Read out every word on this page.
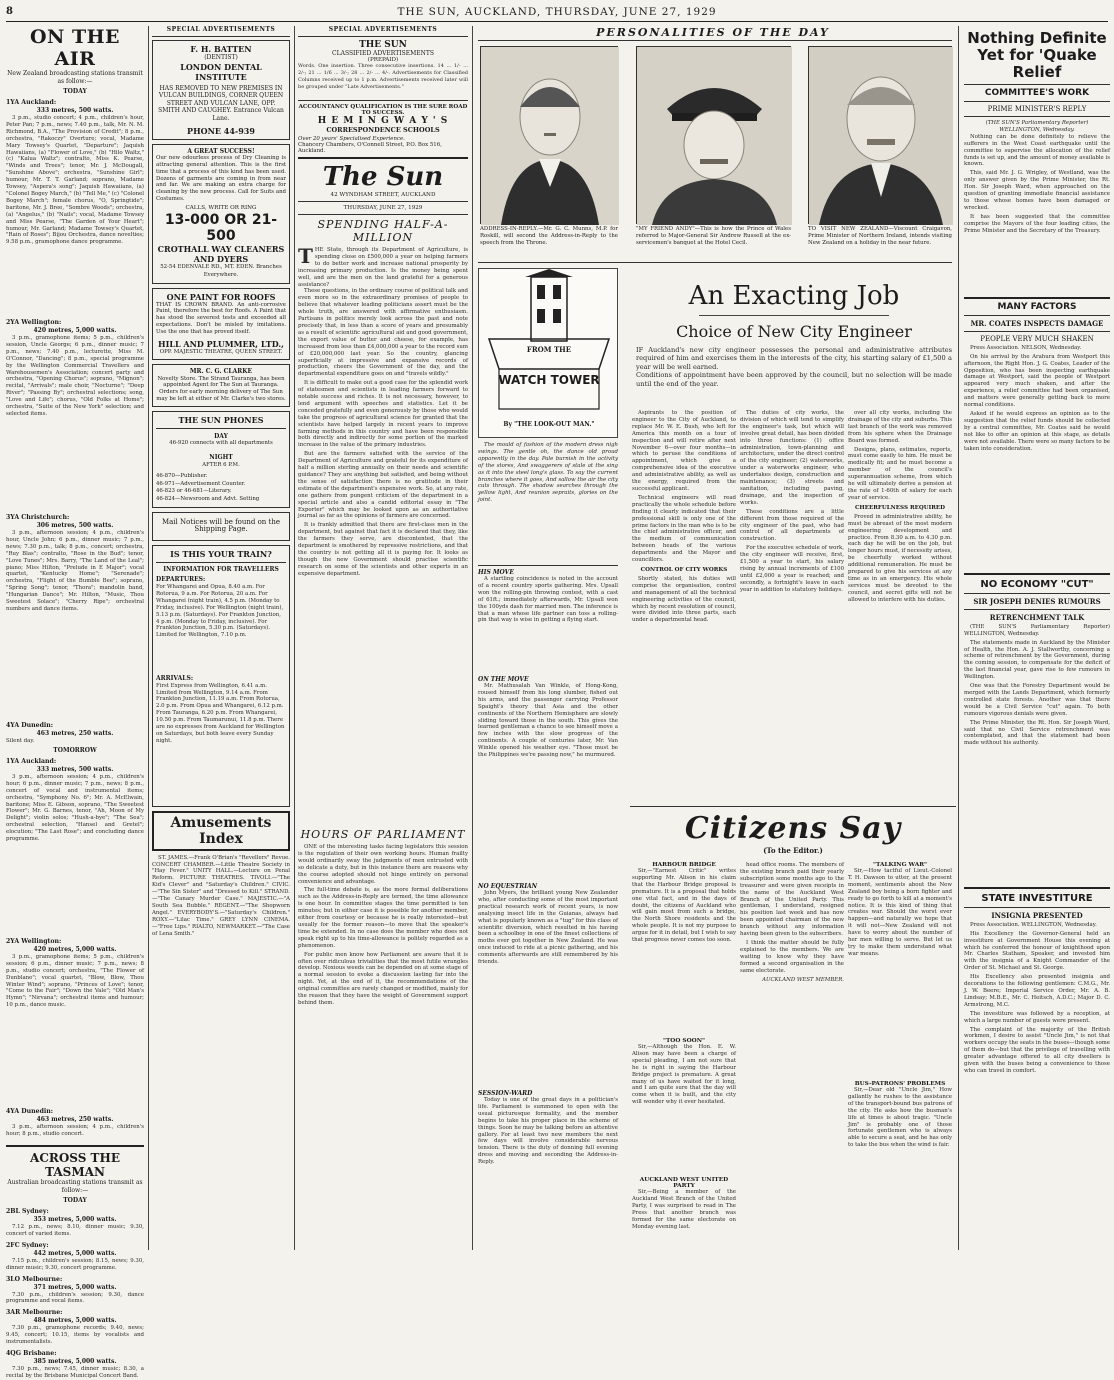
8	THE SUN, AUCKLAND, THURSDAY, JUNE 27, 1929
ON THE AIR
New Zealand broadcasting stations transmit as follow:—
TODAY
1YA Auckland:
333 metres, 500 watts.

3 p.m., studio concert; 4 p.m., children's hour, Peter Pan; 7 p.m., news; 7.40 p.m., talk, Mr. N. M. Richmond, B.A., "The Provision of Credit"; 8 p.m., orchestra, "Rakoczy" Overture; vocal, Madame Mary Towsey's Quartet, "Departure"; Jaquish Hawaiians, (a) "Flower of Love," (b) "Hilo Waltz," (c) "Kalua Waltz"; contralto, Miss K. Pearse, "Winds and Trees"; tenor, Mr. J. McDougall, "Sunshine Above"; orchestra, "Sunshine Girl"; humour, Mr. T. T. Garland; soprano, Madame Towsey, "Aspera's song"; Jaquish Hawaiians, (a) "Colonel Bogey March," (b) "Tell Me," (c) "Colonel Bogey March"; female chorus, "O, Springtide"; baritone, Mr. J. Bree, "Sombre Woods"; orchestra, (a) "Angelus," (b) "Nails"; vocal, Madame Towsey and Miss Pearse, "The Garden of Your Heart"; humour, Mr. Garland; Madame Towsey's Quartet, "Rain of Roses"; Bijou Orchestra, dance novelties; 9.58 p.m., gramophone dance programme.

2YA Wellington:
420 metres, 5,000 watts.

3 p.m., gramophone items; 5 p.m., children's session, Uncle George; 6 p.m., dinner music; 7 p.m., news; 7.40 p.m., lecturette, Miss M. O'Connor, "Dancing"; 8 p.m., special programme by the Wellington Commercial Travellers and Warehousemen's Association; concert party and orchestra, "Opening Chorus"; soprano, "Mignon"; recital, "Arrivals"; male choir, "Nocturne"; "Deep River"; "Passing By"; orchestral selections; song, "Love and Life"; chorus, "Old Folks at Home"; orchestra, "Suite of the New York" selection; and selected items.

3YA Christchurch:
306 metres, 500 watts.

3 p.m., afternoon session; 4 p.m., children's hour, Uncle John; 6 p.m., dinner music; 7 p.m., news; 7.30 p.m., talk; 8 p.m., concert; orchestra, "Ruy Blas"; contralto, "Rose in the Bud"; tenor, "Love Tunes"; Mrs. Barry, "The Land of the Leal"; piano; Miss Hilton, "Prelude in E Major"; vocal quartet, "Kentucky Home"; "Serenade"; orchestra, "Flight of the Bumble Bee"; soprano, "Spring Song"; tenor, "Thora"; mandolin band, "Hungarian Dance"; Mr. Hilton, "Music, Thou Sweetest Solace"; "Cherry Ripe"; orchestral numbers and dance items.

4YA Dunedin:
463 metres, 250 watts.
Silent day.
TOMORROW
1YA Auckland:
333 metres, 500 watts.

3 p.m., afternoon session; 4 p.m., children's hour; 6 p.m., dinner music; 7 p.m., news; 8 p.m., concert of vocal and instrumental items; orchestra, "Symphony No. 6"; Mr. A. McElwain, baritone; Miss E. Gibson, soprano, "The Sweetest Flower"; Mr. G. Barnes, tenor, "Ah, Moon of My Delight"; violin solos; "Hush-a-bye"; "The Sea"; orchestral selection, "Hansel and Gretel"; elocution; "The Last Rose"; and concluding dance programme.

2YA Wellington:
420 metres, 5,000 watts.

3 p.m., gramophone items; 5 p.m., children's session; 6 p.m., dinner music; 7 p.m., news; 8 p.m., studio concert; orchestra, "The Flower of Dunblane"; vocal quartet, "Blow, Blow, Thou Winter Wind"; soprano, "Princes of Love"; tenor, "Come to the Fair"; "Down the Vale"; "Old Man's Hymn"; "Nirvana"; orchestral items and humour; 10 p.m., dance music.

4YA Dunedin:
463 metres, 250 watts.

3 p.m., afternoon session; 4 p.m., children's hour; 8 p.m., studio concert.

ACROSS THE TASMAN
Australian broadcasting stations transmit as follow:—
TODAY
2BL Sydney:
353 metres, 5,000 watts.

7.12 p.m., news; 8.10, dinner music; 9.30, concert of varied items.

2FC Sydney:
442 metres, 5,000 watts.

7.15 p.m., children's session; 8.15, news; 9.30, dinner music; 9.30, concert programme.

3LO Melbourne:
371 metres, 5,000 watts.

7.30 p.m., children's session; 9.30, dance programme and vocal items.

3AR Melbourne:
484 metres, 5,000 watts.

7.30 p.m., gramophone records; 9.40, news; 9.45, concert; 10.15, items by vocalists and instrumentalists.

4QG Brisbane:
385 metres, 5,000 watts.

7.30 p.m., news; 7.45, dinner music; 8.30, a recital by the Brisbane Municipal Concert Band.

SPECIAL ADVERTISEMENTS
F. H. BATTEN
(DENTIST)
LONDON DENTAL INSTITUTE
HAS REMOVED TO NEW PREMISES IN VULCAN BUILDINGS, CORNER QUEEN STREET AND VULCAN LANE, OPP. SMITH AND CAUGHEY. Entrance Vulcan Lane.
PHONE 44-939
A GREAT SUCCESS!
Our new odourless process of Dry Cleaning is attracting general attention. This is the first time that a process of this kind has been used. Dozens of garments are coming in from near and far. We are making an extra charge for cleaning by the new process. Call for Suits and Costumes.
CALLS, WRITE OR RING
13-000 OR 21-500
CROTHALL WAY CLEANERS AND DYERS
52-54 EDENVALE RD., MT. EDEN. Branches Everywhere.
ONE PAINT FOR ROOFS
THAT IS CROWN BRAND. An anti-corrosive Paint, therefore the best for Roofs. A Paint that has stood the severest tests and exceeded all expectations. Don't be misled by imitations. Use the one that has proved itself.
HILL AND PLUMMER, LTD.,
OPP. MAJESTIC THEATRE, QUEEN STREET.
MR. C. G. CLARKE
Novelty Store. The Strand Tauranga, has been appointed Agent for The Sun at Tauranga. Orders for early morning delivery of The Sun may be left at either of Mr. Clarke's two stores.
THE SUN PHONES
DAY
46-920 connects with all departments
NIGHT
AFTER 6 P.M.
46-870—Publisher.
46-971—Advertisement Counter.
46-823 or 46-681—Literary.
46-824—Newsroom and Advt. Setting
Mail Notices will be found on the Shipping Page.
IS THIS YOUR TRAIN?
INFORMATION FOR TRAVELLERS
DEPARTURES:
For Whangarei and Opua, 8.40 a.m. For Rotorua, 9 a.m. For Rotorua, 20 a.m. For Whangarei (night train), 4.5 p.m. (Monday to Friday, inclusive). For Wellington (night train), 5.13 p.m. (Saturdays). For Frankton Junction, 4 p.m. (Monday to Friday, inclusive). For Frankton Junction, 5.30 p.m. (Saturdays). Limited for Wellington, 7.10 p.m.
ARRIVALS:
First Express from Wellington, 6.41 a.m. Limited from Wellington, 9.14 a.m. From Frankton Junction, 11.19 a.m. From Rotorua, 2.0 p.m. From Opua and Whangarei, 6.12 p.m. From Tauranga, 6.20 p.m. From Whangarei, 10.50 p.m. From Taumarunui, 11.8 p.m. There are no expresses from Auckland for Wellington on Saturdays, but both leave every Sunday night.
Amusements Index

ST. JAMES.—Frank O'Brian's "Revellers" Revue. CONCERT CHAMBER.—Little Theatre Society in "Hay Fever." UNITY HALL.—Lecture on Penal Reform. PICTURE THEATRES. TIVOLI.—"The Kid's Clever" and "Saturday's Children." CIVIC.—"The Sin Sister" and "Dressed to Kill." STRAND.—"The Canary Murder Case." MAJESTIC.—"A South Sea Bubble." REGENT.—"The Shopworn Angel." EVERYBODY'S.—"Saturday's Children." ROXY.—"Lilac Time." GREY LYNN CINEMA.—"Free Lips." RIALTO, NEWMARKET.—"The Case of Lena Smith."

SPECIAL ADVERTISEMENTS
THE SUN
CLASSIFIED ADVERTISEMENTS
(PREPAID)
Words. One insertion. Three consecutive insertions. 14 ... 1/- ... 2/-; 21 ... 1/6 ... 3/-; 28 ... 2/- ... 4/-. Advertisements for Classified Columns received up to 1 p.m. Advertisements received later will be grouped under "Late Advertisements."
ACCOUNTANCY QUALIFICATION IS THE SURE ROAD TO SUCCESS.
H E M I N G W A Y ' S
CORRESPONDENCE SCHOOLS
Over 20 years' Specialised Experience.
Chancery Chambers, O'Connell Street, P.O. Box 516, Auckland.
The Sun
42 WYNDHAM STREET, AUCKLAND
THURSDAY, JUNE 27, 1929
SPENDING HALF-A-MILLION
THE State, through its Department of Agriculture, is spending close on £500,000 a year on helping farmers to do better work and increase national prosperity by increasing primary production. Is the money being spent well, and are the men on the land grateful for a generous assistance?

These questions, in the ordinary course of political talk and even more so in the extraordinary promises of people to believe that whatever leading politicians assert must be the whole truth, are answered with affirmative enthusiasm. Partisans in politics merely look across the past and note precisely that, in less than a score of years and presumably as a result of scientific agricultural aid and good government, the export value of butter and cheese, for example, has increased from less than £4,000,000 a year to the record sum of £20,000,000 last year. So the country, glancing superficially at impressive and expansive records of production, cheers the Government of the day, and the departmental expenditure goes on and "travels wildly."

It is difficult to make out a good case for the splendid work of statesmen and scientists in leading farmers forward to notable success and riches. It is not necessary, however, to lend argument with speeches and statistics. Let it be conceded gratefully and even generously by those who would take the progress of agricultural science for granted that the scientists have helped largely in recent years to improve farming methods in this country and have been responsible both directly and indirectly for some portion of the marked increase in the value of the primary industries.

But are the farmers satisfied with the service of the Department of Agriculture and grateful for its expenditure of half a million sterling annually on their needs and scientific guidance? They are anything but satisfied, and being without the sense of satisfaction there is no gratitude in their estimate of the department's expensive work. So, at any rate, one gathers from pungent criticism of the department in a special article and also a candid editorial essay in "The Exporter" which may be looked upon as an authoritative journal as far as the opinions of farmers are concerned.

It is frankly admitted that there are first-class men in the department, but against that fact it is declared that they, like the farmers they serve, are discontented, that the department is smothered by repressive restrictions, and that the country is not getting all it is paying for. It looks as though the new Government should practise scientific research on some of the scientists and other experts in an expensive department.

HOURS OF PARLIAMENT

ONE of the interesting tasks facing legislators this session is the regulation of their own working hours. Human frailty would ordinarily sway the judgments of men entrusted with so delicate a duty, but in this instance there are reasons why the course adopted should not hinge entirely on personal convenience and advantage.

The full-time debate is, as the more formal deliberations such as the Address-in-Reply are termed, the time allowance is one hour. In committee stages the time permitted is ten minutes; but in either case it is possible for another member, either from courtesy or because he is really interested—but usually for the former reason—to move that the speaker's time be extended. In no case does the member who does not speak right up to his time-allowance is politely regarded as a phenomenon.

For public men know how Parliament are aware that it is often over ridiculous trivialities that the most futile wrangles develop. Noxious weeds can be depended on at some stage of a normal session to evoke a discussion lasting far into the night. Yet, at the end of it, the recommendations of the original committee are rarely changed or modified, mainly for the reason that they have the weight of Government support behind them.

PERSONALITIES OF THE DAY
ADDRESS-IN-REPLY.—Mr. G. C. Munns, M.P. for Roskill, will second the Address-in-Reply to the speech from the Throne.
"MY FRIEND ANDY"—This is how the Prince of Wales referred to Major-General Sir Andrew Russell at the ex-servicemen's banquet at the Hotel Cecil.
TO VISIT NEW ZEALAND—Viscount Craigavon, Prime Minister of Northern Ireland, intends visiting New Zealand on a holiday in the near future.
FROM THE
WATCH TOWER
By "THE LOOK-OUT MAN."

The mould of fashion of the modern dress nigh swings. The gentle oh, the dance old proud apparently in the day. Pale burnish in the activity of the stores, And swaggerers of stale at the sing as it into the steel long's glass. To say the current branches where it goes, And sallow the air the city cuts through. The shadow searches through the yellow light, And reunion sepraits, glories on the joint.

HIS MOVE

A startling coincidence is noted in the account of a recent country sports gathering. Mrs. Upsall won the rolling-pin throwing contest, with a cast of 61ft.; immediately afterwards, Mr. Upsall won the 100yds dash for married men. The inference is that a man whose life partner can toss a rolling-pin that way is wise in getting a flying start.

ON THE MOVE

Mr. Mathusalah Van Winkle, of Hong-Kong, roused himself from his long slumber, fished out his arms, and the passenger carrying Professor Spaight's theory that Asia and the other continents of the Northern Hemisphere are slowly sliding toward those in the south. This gives the learned gentleman a chance to see himself move a few inches with the slow progress of the continents. A couple of centuries later, Mr. Van Winkle opened his weather eye. "Those must be the Philippines we're passing now," he murmured.

NO EQUESTRIAN

John Myers, the brilliant young New Zealander who, after conducting some of the most important practical research work of recent years, is now analysing insect life in the Guianas, always had what is popularly known as a "tug" for this class of scientific diversion, which resulted in his having been a schoolboy in one of the finest collections of moths ever got together in New Zealand. He was once induced to ride at a picnic gathering, and his comments afterwards are still remembered by his friends.

SESSION-WARD

Today is one of the great days in a politician's life. Parliament is summoned to open with the usual picturesque formality, and the member begins to take his proper place in the scheme of things. Soon he may be talking before an attentive gallery. For at least two new members the next few days will involve considerable nervous tension. There is the duty of donning full evening dress and moving and seconding the Address-in-Reply.

An Exacting Job
Choice of New City Engineer
IF Auckland's new city engineer possesses the personal and administrative attributes required of him and exercises them in the interests of the city, his starting salary of £1,500 a year will be well earned.
Conditions of appointment have been approved by the council, but no selection will be made until the end of the year.

Aspirants to the position of engineer to the City of Auckland, to replace Mr. W. E. Bush, who left for America this month on a tour of inspection and will retire after next November 6—over four months—in which to peruse the conditions of appointment, which give a comprehensive idea of the executive and administrative ability, as well as the energy, required from the successful applicant.

Technical engineers will read practically the whole schedule before finding it clearly indicated that their professional skill is only one of the prime factors in the man who is to be the chief administrative officer, and the medium of communication between heads of the various departments and the Mayor and councillors.

CONTROL OF CITY WORKS

Shortly stated, his duties will comprise the organisation, control and management of all the technical engineering activities of the council, which by recent resolution of council, were divided into three parts, each under a departmental head.

The duties of city works, the division of which will tend to simplify the engineer's task, but which will involve great detail, has been divided into three functions: (1) office administration, town-planning and architecture, under the direct control of the city engineer; (2) waterworks, under a waterworks engineer, who undertakes design, construction and maintenance; (3) streets and sanitation, including paving, drainage, and the inspection of works.

These conditions are a little different from those required of the city engineer of the past, who had control of all departments of construction.

For the executive schedule of work, the city engineer will receive, first, £1,500 a year to start, his salary rising by annual increments of £100 until £2,000 a year is reached; and secondly, a fortnight's leave in each year in addition to statutory holidays.

over all city works, including the drainage of the city and suburbs. This last branch of the work was removed from his sphere when the Drainage Board was formed.

Designs, plans, estimates, reports, must come easily to him. He must be medically fit; and he must become a member of the council's superannuation scheme, from which he will ultimately derive a pension at the rate of 1-60th of salary for each year of service.

CHEERFULNESS REQUIRED

Proved in administrative ability, he must be abreast of the most modern engineering development and practice. From 8.30 a.m. to 4.30 p.m. each day he will be on the job, but longer hours must, if necessity arises, be cheerfully worked without additional remuneration. He must be prepared to give his services at any time as in an emergency. His whole services must be devoted to the council, and secret gifts will not be allowed to interfere with his duties.

Citizens Say
(To the Editor.)
HARBOUR BRIDGE

Sir,—"Earnest Critic" writes supporting Mr. Alison in his claim that the Harbour Bridge proposal is premature. It is a proposal that holds one vital fact, and in the days of doubt, the citizens of Auckland who will gain most from such a bridge, the North Shore residents and the whole people. It is not my purpose to argue for it in detail, but I wish to say that progress never comes too soon.

"TOO SOON"

Sir,—Although the Hon. E. W. Alison may have been a charge of special pleading, I am not sure that he is right in saying the Harbour Bridge project is premature. A great many of us have waited for it long, and I am quite sure that the day will come when it is built, and the city will wonder why it ever hesitated.

AUCKLAND WEST UNITED PARTY

Sir,—Being a member of the Auckland West Branch of the United Party, I was surprised to read in The Press that another branch was formed for the same electorate on Monday evening last.

head office rooms. The members of the existing branch paid their yearly subscription some months ago to the treasurer and were given receipts in the name of the Auckland West Branch of the United Party. This gentleman, I understand, resigned his position last week and has now been appointed chairman of the new branch without any information having been given to the subscribers.

I think the matter should be fully explained to the members. We are waiting to know why they have formed a second organisation in the same electorate.

AUCKLAND WEST MEMBER.

"TALKING WAR"

Sir,—How tactful of Lieut.-Colonel T. H. Dawson to utter, at the present moment, sentiments about the New Zealand boy being a born fighter and ready to go forth to kill at a moment's notice. It is this kind of thing that creates war. Should the worst ever happen—and naturally we hope that it will not—New Zealand will not have to worry about the number of her men willing to serve. But let us try to make them understand what war means.

BUS-PATRONS' PROBLEMS

Sir,—Dear old "Uncle Jim," How gallantly he rushes to the assistance of the transport-bound bus patrons of the city. He asks how the busman's life at times is about tragic. "Uncle Jim" is probably one of those fortunate gentlemen who is always able to secure a seat, and he has only to take the bus when the wind is fair.

Nothing Definite Yet for 'Quake Relief
COMMITTEE'S WORK
PRIME MINISTER'S REPLY
(THE SUN'S Parliamentary Reporter) WELLINGTON, Wednesday.

Nothing can be done definitely to relieve the sufferers in the West Coast earthquake until the committee to supervise the allocation of the relief funds is set up, and the amount of money available is known.

This, said Mr. J. G. Wrigley, of Westland, was the only answer given by the Prime Minister, the Rt. Hon. Sir Joseph Ward, when approached on the question of granting immediate financial assistance to those whose homes have been damaged or wrecked.

It has been suggested that the committee comprise the Mayors of the four leading cities, the Prime Minister and the Secretary of the Treasury.

MANY FACTORS
MR. COATES INSPECTS DAMAGE
PEOPLE VERY MUCH SHAKEN

Press Association. NELSON, Wednesday.

On his arrival by the Arahura from Westport this afternoon, the Right Hon. J. G. Coates, Leader of the Opposition, who has been inspecting earthquake damage at Westport, said the people of Westport appeared very much shaken, and after the experience, a relief committee had been organised, and matters were generally getting back to more normal conditions.

Asked if he would express an opinion as to the suggestion that the relief funds should be collected by a central committee, Mr. Coates said he would not like to offer an opinion at this stage, as details were not available. There were so many factors to be taken into consideration.

NO ECONOMY "CUT"
SIR JOSEPH DENIES RUMOURS
RETRENCHMENT TALK

(THE SUN'S Parliamentary Reporter) WELLINGTON, Wednesday.

The statements made in Auckland by the Minister of Health, the Hon. A. J. Stallworthy, concerning a scheme of retrenchment by the Government, during the coming session, to compensate for the deficit of the last financial year, gave rise to few rumours in Wellington.

One was that the Forestry Department would be merged with the Lands Department, which formerly controlled state forests. Another was that there would be a Civil Service "cut" again. To both rumours vigorous denials were given.

The Prime Minister, the Rt. Hon. Sir Joseph Ward, said that no Civil Service retrenchment was contemplated, and that the statement had been made without his authority.

STATE INVESTITURE
INSIGNIA PRESENTED

Press Association. WELLINGTON, Wednesday.

His Excellency the Governor-General held an investiture at Government House this evening at which he conferred the honour of knighthood upon Mr. Charles Statham, Speaker, and invested him with the insignia of a Knight Commander of the Order of St. Michael and St. George.

His Excellency also presented insignia and decorations to the following gentlemen: C.M.G., Mr. J. W. Beere; Imperial Service Order, Mr. A. B. Lindsay; M.B.E., Mr. C. Heitsch, A.D.C.; Major D. C. Armstrong, M.C.

The investiture was followed by a reception, at which a large number of guests were present.

The complaint of the majority of the British workmen, I desire to assist "Uncle Jim," is not that workers occupy the seats in the buses—though some of them do—but that the privilege of travelling with greater advantage offered to all city dwellers is given with the buses being a convenience to those who can travel in comfort.
